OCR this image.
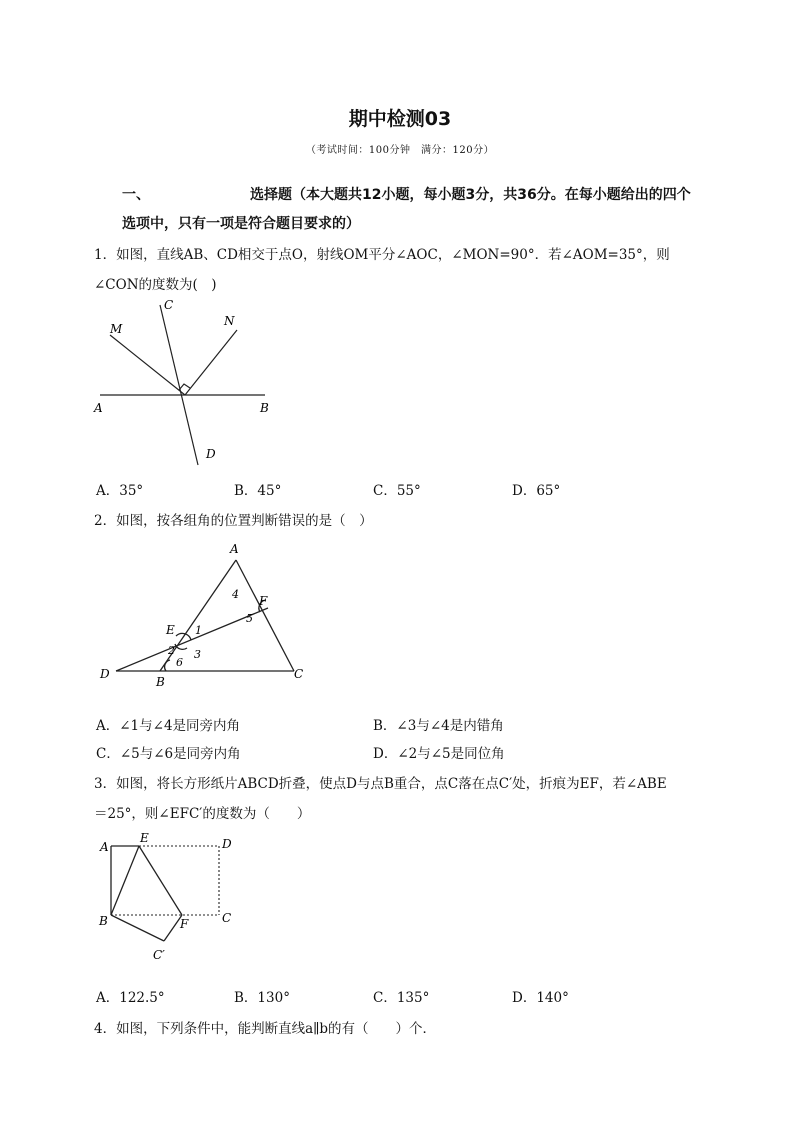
期中检测03
（考试时间：100分钟　满分：120分）
一、	选择题（本大题共12小题，每小题3分，共36分。在每小题给出的四个
选项中，只有一项是符合题目要求的）
1．如图，直线AB、CD相交于点O，射线OM平分∠AOC，∠MON=90°．若∠AOM=35°，则
∠CON的度数为(　)
M
C
N
A	B
D
A．35°	B．45°	C．55°	D．65°
2．如图，按各组角的位置判断错误的是（　）
A
F
E
D
B
C
1
2 3
4
5
6
A．∠1与∠4是同旁内角	B．∠3与∠4是内错角
C．∠5与∠6是同旁内角	D．∠2与∠5是同位角
3．如图，将长方形纸片ABCD折叠，使点D与点B重合，点C落在点C′处，折痕为EF，若∠ABE
＝25°，则∠EFC′的度数为（　　）
A
E	D
B	F	C
C′
A．122.5°	B．130°	C．135°	D．140°
4．如图，下列条件中，能判断直线a∥b的有（　　）个．
